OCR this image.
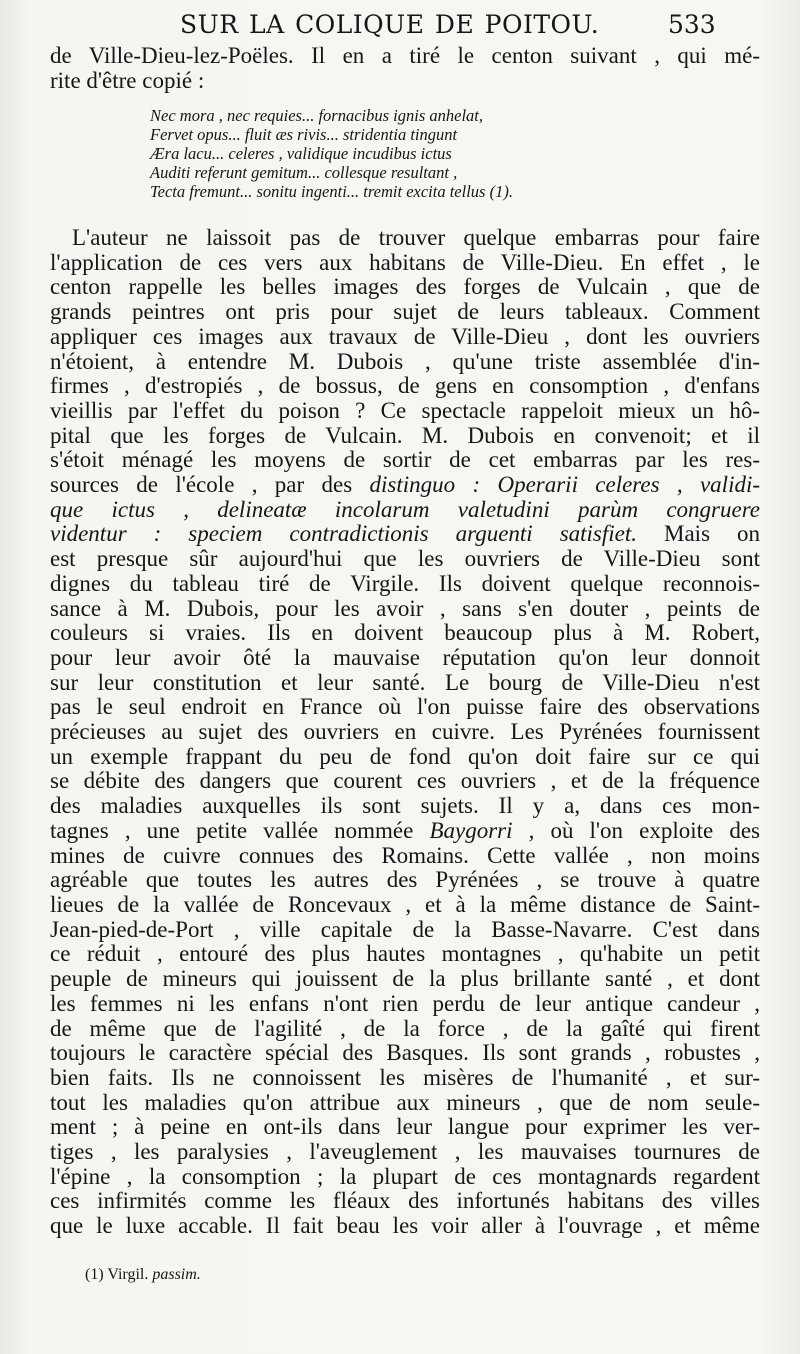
SUR LA COLIQUE DE POITOU.	533
de Ville-Dieu-lez-Poëles. Il en a tiré le centon suivant , qui mé-
rite d'être copié :
Nec mora , nec requies... fornacibus ignis anhelat,
Fervet opus... fluit æs rivis... stridentia tingunt
Æra lacu... celeres , validique incudibus ictus
Auditi referunt gemitum... collesque resultant ,
Tecta fremunt... sonitu ingenti... tremit excita tellus (1).
L'auteur ne laissoit pas de trouver quelque embarras pour faire
l'application de ces vers aux habitans de Ville-Dieu. En effet , le
centon rappelle les belles images des forges de Vulcain , que de
grands peintres ont pris pour sujet de leurs tableaux. Comment
appliquer ces images aux travaux de Ville-Dieu , dont les ouvriers
n'étoient, à entendre M. Dubois , qu'une triste assemblée d'in-
firmes , d'estropiés , de bossus, de gens en consomption , d'enfans
vieillis par l'effet du poison ? Ce spectacle rappeloit mieux un hô-
pital que les forges de Vulcain. M. Dubois en convenoit; et il
s'étoit ménagé les moyens de sortir de cet embarras par les res-
sources de l'école , par des distinguo : Operarii celeres , validi-
que ictus , delineatæ incolarum valetudini parùm congruere
videntur : speciem contradictionis arguenti satisfiet. Mais on
est presque sûr aujourd'hui que les ouvriers de Ville-Dieu sont
dignes du tableau tiré de Virgile. Ils doivent quelque reconnois-
sance à M. Dubois, pour les avoir , sans s'en douter , peints de
couleurs si vraies. Ils en doivent beaucoup plus à M. Robert,
pour leur avoir ôté la mauvaise réputation qu'on leur donnoit
sur leur constitution et leur santé. Le bourg de Ville-Dieu n'est
pas le seul endroit en France où l'on puisse faire des observations
précieuses au sujet des ouvriers en cuivre. Les Pyrénées fournissent
un exemple frappant du peu de fond qu'on doit faire sur ce qui
se débite des dangers que courent ces ouvriers , et de la fréquence
des maladies auxquelles ils sont sujets. Il y a, dans ces mon-
tagnes , une petite vallée nommée Baygorri , où l'on exploite des
mines de cuivre connues des Romains. Cette vallée , non moins
agréable que toutes les autres des Pyrénées , se trouve à quatre
lieues de la vallée de Roncevaux , et à la même distance de Saint-
Jean-pied-de-Port , ville capitale de la Basse-Navarre. C'est dans
ce réduit , entouré des plus hautes montagnes , qu'habite un petit
peuple de mineurs qui jouissent de la plus brillante santé , et dont
les femmes ni les enfans n'ont rien perdu de leur antique candeur ,
de même que de l'agilité , de la force , de la gaîté qui firent
toujours le caractère spécial des Basques. Ils sont grands , robustes ,
bien faits. Ils ne connoissent les misères de l'humanité , et sur-
tout les maladies qu'on attribue aux mineurs , que de nom seule-
ment ; à peine en ont-ils dans leur langue pour exprimer les ver-
tiges , les paralysies , l'aveuglement , les mauvaises tournures de
l'épine , la consomption ; la plupart de ces montagnards regardent
ces infirmités comme les fléaux des infortunés habitans des villes
que le luxe accable. Il fait beau les voir aller à l'ouvrage , et même
(1) Virgil. passim.
